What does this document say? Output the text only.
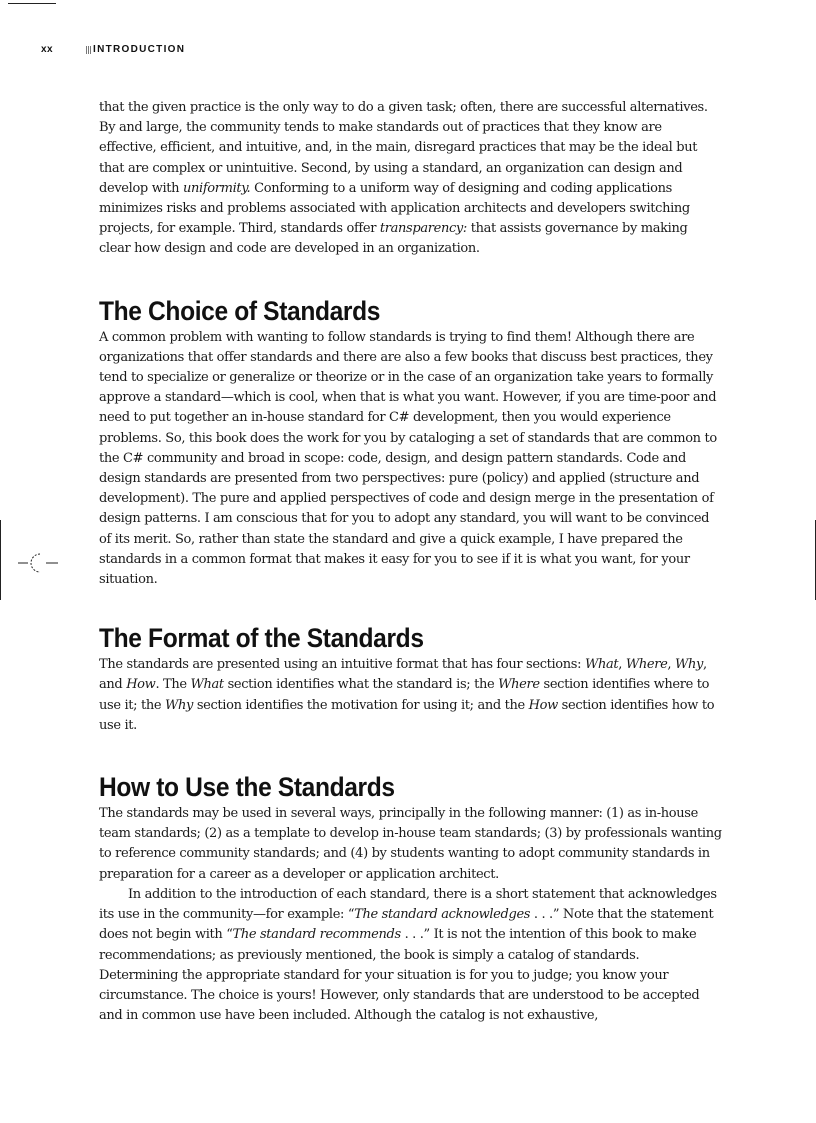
xx	INTRODUCTION

that the given practice is the only way to do a given task; often, there are successful alternatives. By and large, the community tends to make standards out of practices that they know are effective, efficient, and intuitive, and, in the main, disregard practices that may be the ideal but that are complex or unintuitive. Second, by using a standard, an organization can design and develop with uniformity. Conforming to a uniform way of designing and coding applications minimizes risks and problems associated with application architects and developers switching projects, for example. Third, standards offer transparency: that assists governance by making clear how design and code are developed in an organization.

The Choice of Standards

A common problem with wanting to follow standards is trying to find them! Although there are organizations that offer standards and there are also a few books that discuss best practices, they tend to specialize or generalize or theorize or in the case of an organization take years to formally approve a standard—which is cool, when that is what you want. However, if you are time-poor and need to put together an in-house standard for C# development, then you would experience problems. So, this book does the work for you by cataloging a set of standards that are common to the C# community and broad in scope: code, design, and design pattern standards. Code and design standards are presented from two perspectives: pure (policy) and applied (structure and development). The pure and applied perspectives of code and design merge in the presentation of design patterns. I am conscious that for you to adopt any standard, you will want to be convinced of its merit. So, rather than state the standard and give a quick example, I have prepared the standards in a common format that makes it easy for you to see if it is what you want, for your situation.

The Format of the Standards

The standards are presented using an intuitive format that has four sections: What, Where, Why, and How. The What section identifies what the standard is; the Where section identifies where to use it; the Why section identifies the motivation for using it; and the How section identifies how to use it.

How to Use the Standards

The standards may be used in several ways, principally in the following manner: (1) as in-house team standards; (2) as a template to develop in-house team standards; (3) by professionals wanting to reference community standards; and (4) by students wanting to adopt community standards in preparation for a career as a developer or application architect.

In addition to the introduction of each standard, there is a short statement that acknowledges its use in the community—for example: “The standard acknowledges . . .” Note that the statement does not begin with “The standard recommends . . .” It is not the intention of this book to make recommendations; as previously mentioned, the book is simply a catalog of standards. Determining the appropriate standard for your situation is for you to judge; you know your circumstance. The choice is yours! However, only standards that are understood to be accepted and in common use have been included. Although the catalog is not exhaustive,
